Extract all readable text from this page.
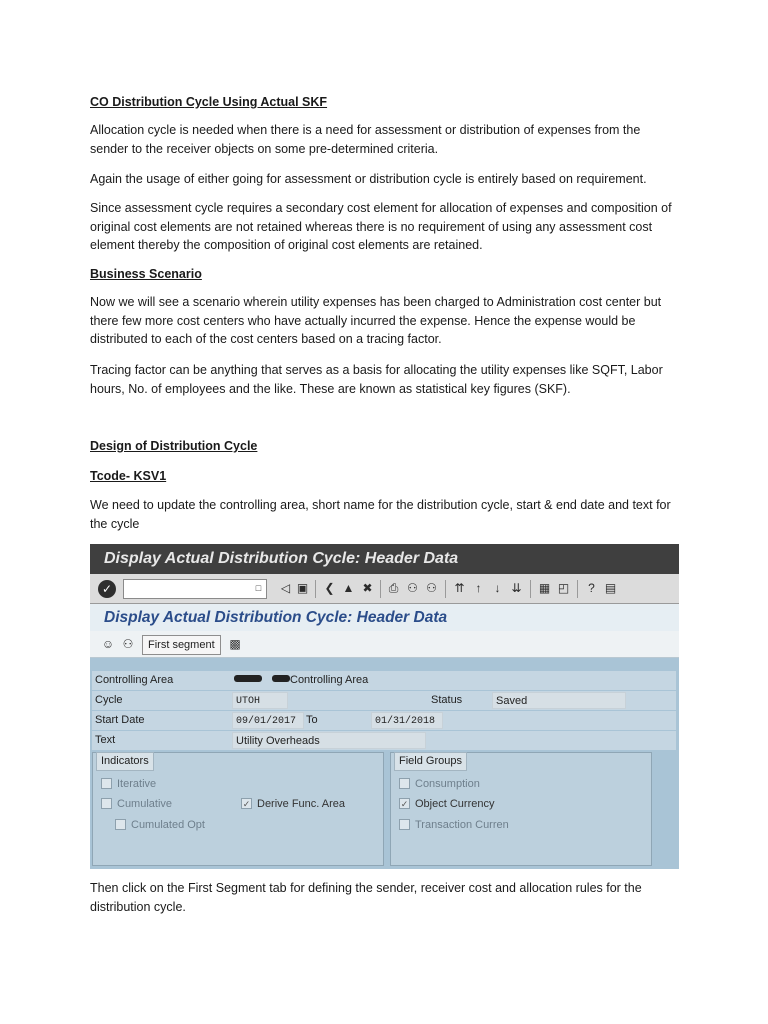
CO Distribution Cycle Using Actual SKF

Allocation cycle is needed when there is a need for assessment or distribution of expenses from the sender to the receiver objects on some pre-determined criteria.

Again the usage of either going for assessment or distribution cycle is entirely based on requirement.

Since assessment cycle requires a secondary cost element for allocation of expenses and composition of original cost elements are not retained whereas there is no requirement of using any assessment cost element thereby the composition of original cost elements are retained.

Business Scenario

Now we will see a scenario wherein utility expenses has been charged to Administration cost center but there few more cost centers who have actually incurred the expense. Hence the expense would be distributed to each of the cost centers based on a tracing factor.

Tracing factor can be anything that serves as a basis for allocating the utility expenses like SQFT, Labor hours, No. of employees and the like. These are known as statistical key figures (SKF).

Design of Distribution Cycle

Tcode- KSV1

We need to update the controlling area, short name for the distribution cycle, start & end date and text for the cycle

Display Actual Distribution Cycle: Header Data
✓	□ ◁ ▣ ❮ ▲ ✖ ⎙ ⚇ ⚇ ⇈ ↑	↓ ⇊ ▦ ◰	? ▤
Display Actual Distribution Cycle: Header Data
☺ ⚇	First segment	▩
Controlling Area	Controlling Area
Cycle	UTOH	Status	Saved
Start Date	09/01/2017 To	01/31/2018
Text	Utility Overheads
Indicators
Iterative
Cumulative	✓ Derive Func. Area
Cumulated Opt
Field Groups
Consumption
✓ Object Currency
Transaction Curren

Then click on the First Segment tab for defining the sender, receiver cost and allocation rules for the distribution cycle.
